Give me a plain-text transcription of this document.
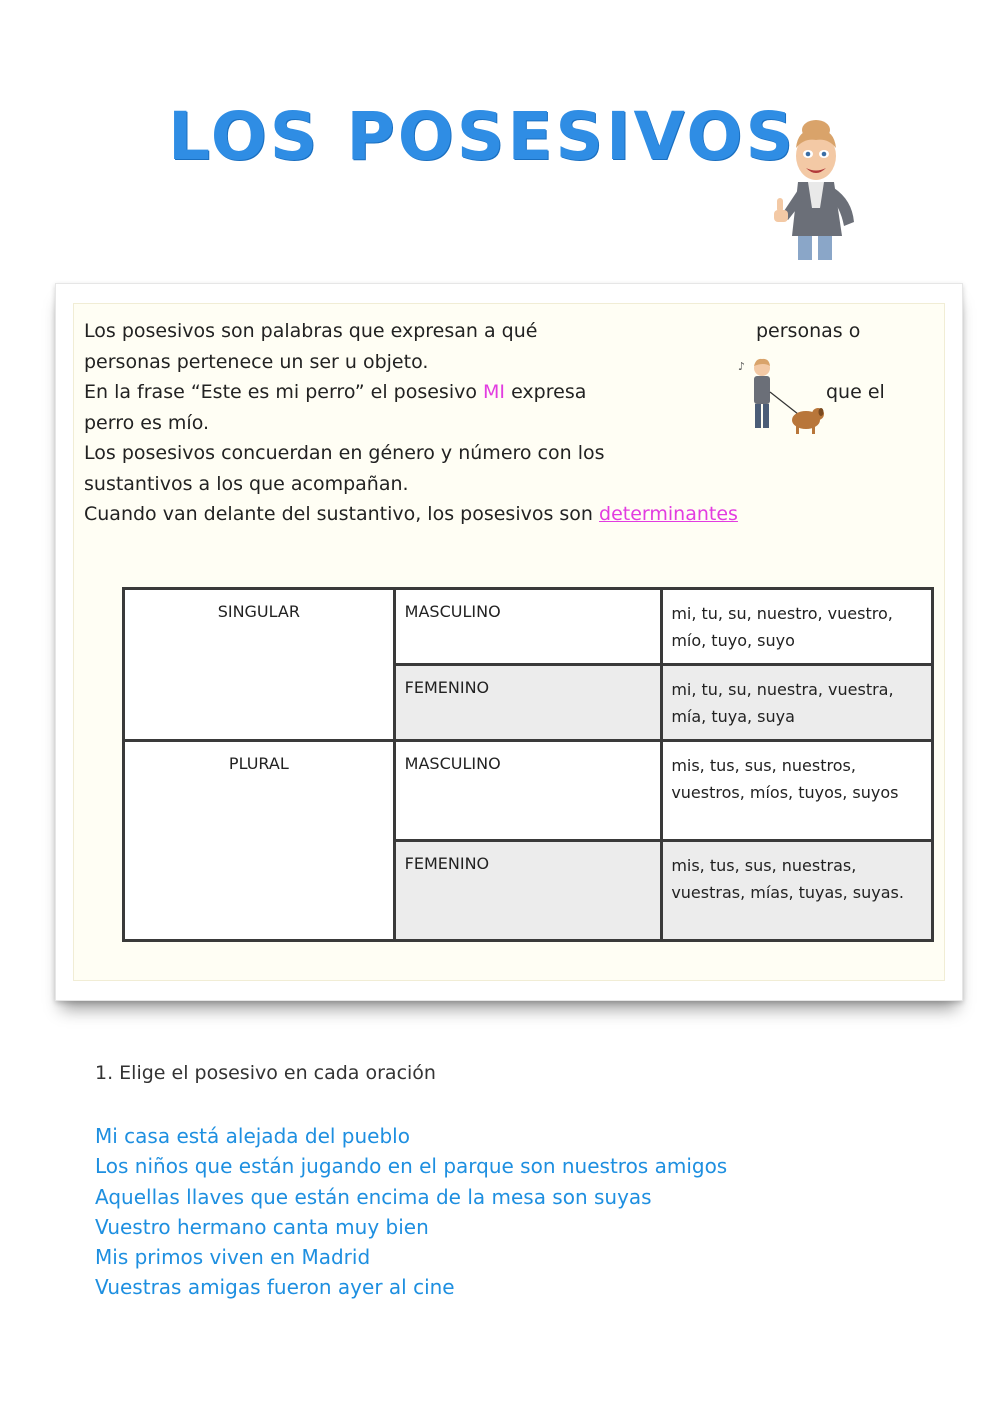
LOS POSESIVOS

Los posesivos son palabras que expresan a qué

personas pertenece un ser u objeto.

En la frase “Este es mi perro” el posesivo MI expresa

perro es mío.

Los posesivos concuerdan en género y número con los

sustantivos a los que acompañan.

Cuando van delante del sustantivo, los posesivos son determinantes

personas o
que el
♪
SINGULAR	MASCULINO	mi, tu, su, nuestro, vuestro, mío, tuyo, suyo
	FEMENINO	mi, tu, su, nuestra, vuestra, mía, tuya, suya
PLURAL	MASCULINO	mis, tus, sus, nuestros, vuestros, míos, tuyos, suyos
	FEMENINO	mis, tus, sus, nuestras, vuestras, mías, tuyas, suyas.
1. Elige el posesivo en cada oración
Mi casa está alejada del pueblo
Los niños que están jugando en el parque son nuestros amigos
Aquellas llaves que están encima de la mesa son suyas
Vuestro hermano canta muy bien
Mis primos viven en Madrid
Vuestras amigas fueron ayer al cine
